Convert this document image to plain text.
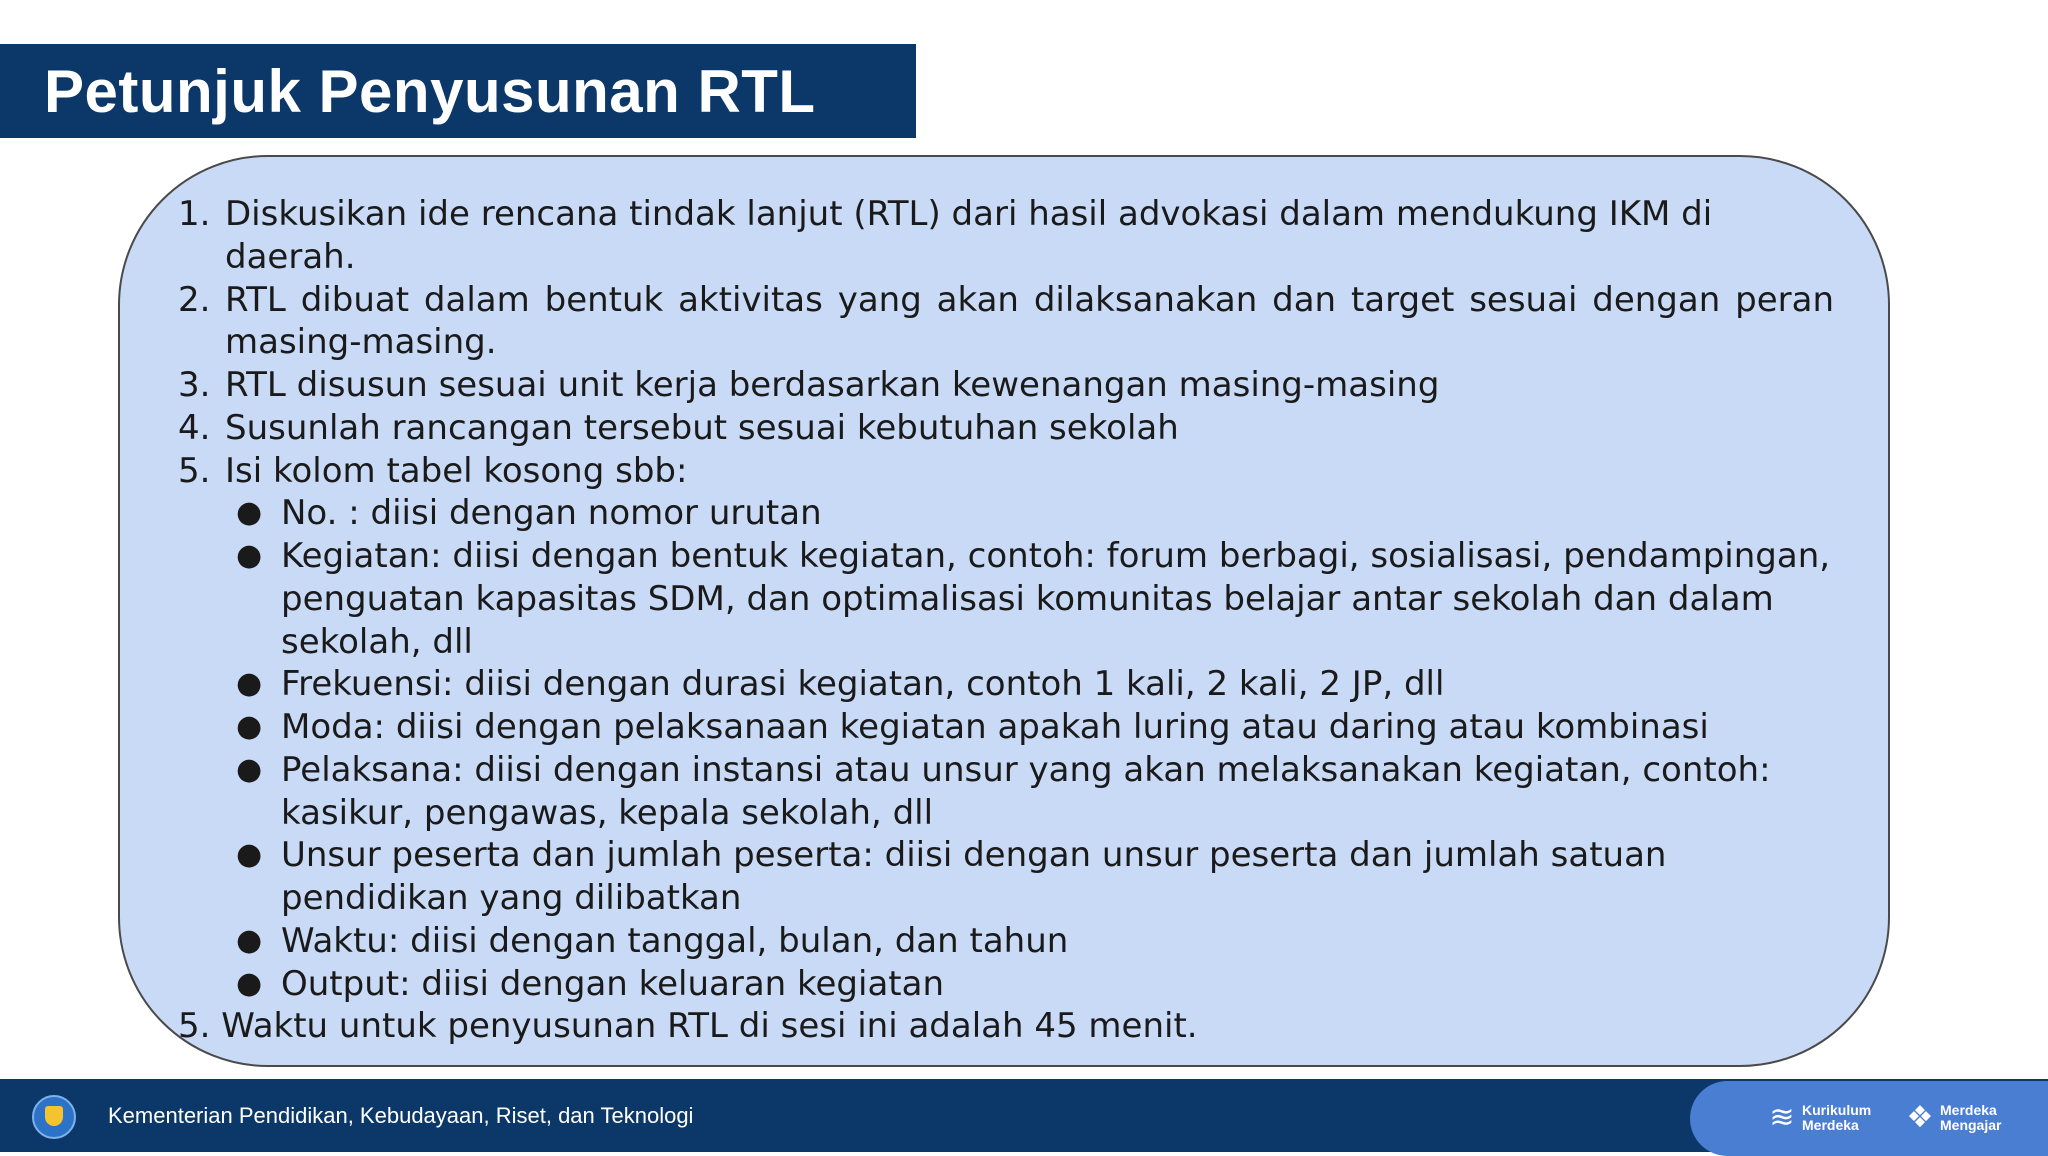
Petunjuk Penyusunan RTL
1. Diskusikan ide rencana tindak lanjut (RTL) dari hasil advokasi dalam mendukung IKM di daerah.
2. RTL dibuat dalam bentuk aktivitas yang akan dilaksanakan dan target sesuai dengan peran masing-masing.
3. RTL disusun sesuai unit kerja berdasarkan kewenangan masing-masing
4. Susunlah rancangan tersebut sesuai kebutuhan sekolah
5. Isi kolom tabel kosong sbb:
● No. : diisi dengan nomor urutan
● Kegiatan: diisi dengan bentuk kegiatan, contoh: forum berbagi, sosialisasi, pendampingan, penguatan kapasitas SDM, dan optimalisasi komunitas belajar antar sekolah dan dalam sekolah, dll
● Frekuensi: diisi dengan durasi kegiatan, contoh 1 kali, 2 kali, 2 JP, dll
● Moda: diisi dengan pelaksanaan kegiatan apakah luring atau daring atau kombinasi
● Pelaksana: diisi dengan instansi atau unsur yang akan melaksanakan kegiatan, contoh: kasikur, pengawas, kepala sekolah, dll
● Unsur peserta dan jumlah peserta: diisi dengan unsur peserta dan jumlah satuan pendidikan yang dilibatkan
● Waktu: diisi dengan tanggal, bulan, dan tahun
● Output: diisi dengan keluaran kegiatan
5. Waktu untuk penyusunan RTL di sesi ini adalah 45 menit.
Kementerian Pendidikan, Kebudayaan, Riset, dan Teknologi	≋ Kurikulum
Merdeka	❖ Merdeka
Mengajar
